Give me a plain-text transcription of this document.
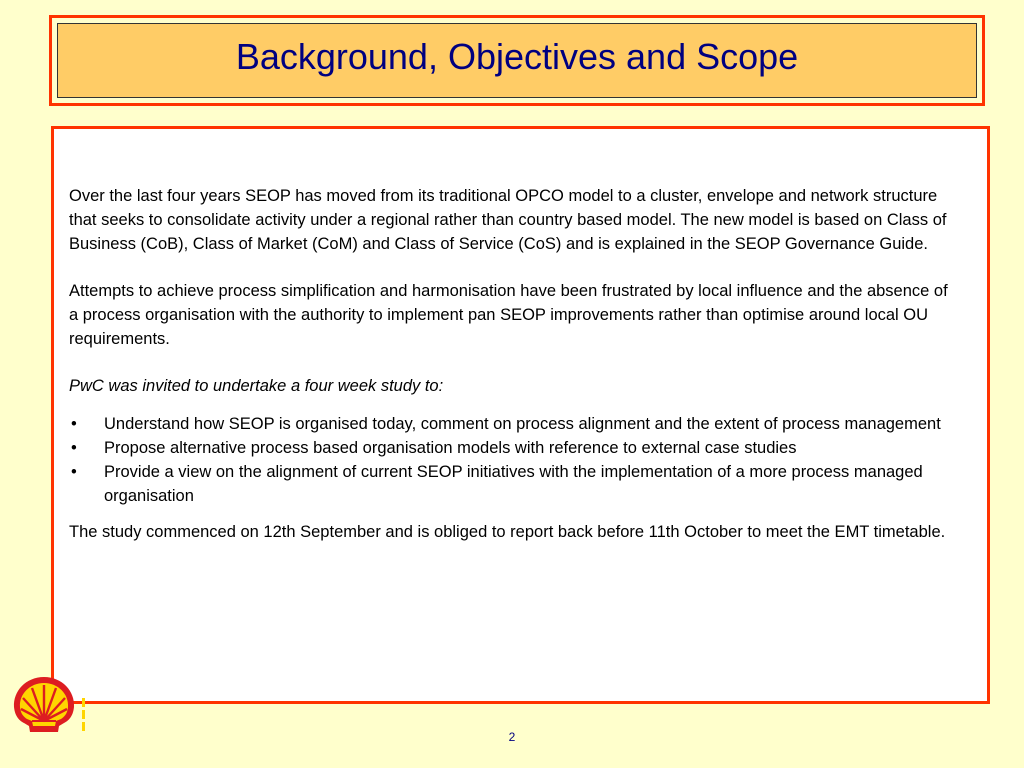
Background, Objectives and Scope

Over the last four years SEOP has moved from its traditional OPCO model to a cluster, envelope and network structure that seeks to consolidate activity under a regional rather than country based model. The new model is based on Class of Business (CoB), Class of Market (CoM) and Class of Service (CoS) and is explained in the SEOP Governance Guide.

Attempts to achieve process simplification and harmonisation have been frustrated by local influence and the absence of a process organisation with the authority to implement pan SEOP improvements rather than optimise around local OU requirements.

PwC was invited to undertake a four week study to:

• Understand how SEOP is organised today, comment on process alignment and the extent of process management
• Propose alternative process based organisation models with reference to external case studies
• Provide a view on the alignment of current SEOP initiatives with the implementation of a more process managed organisation

The study commenced on 12th September and is obliged to report back before 11th October to meet the EMT timetable.

2
